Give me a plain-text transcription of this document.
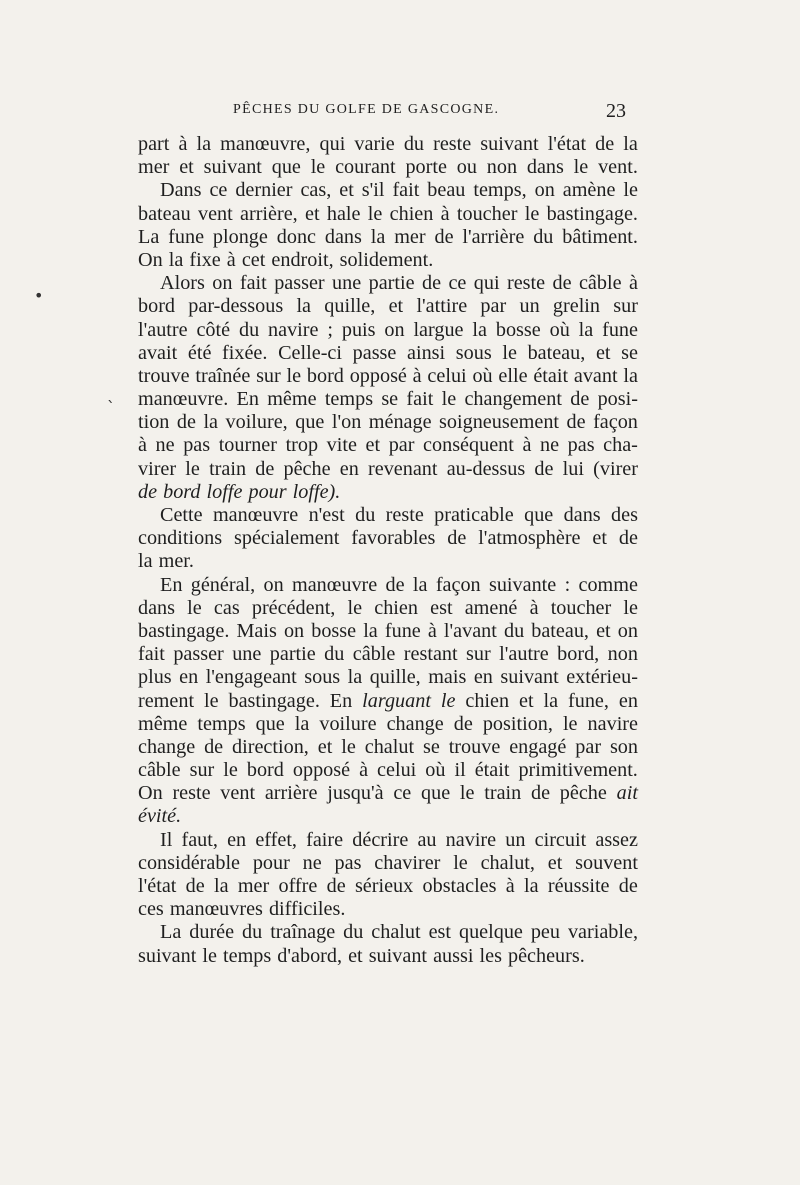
PÊCHES DU GOLFE DE GASCOGNE.	23
part à la manœuvre, qui varie du reste suivant l'état de la
mer et suivant que le courant porte ou non dans le vent.
Dans ce dernier cas, et s'il fait beau temps, on amène le
bateau vent arrière, et hale le chien à toucher le bastingage.
La fune plonge donc dans la mer de l'arrière du bâtiment.
On la fixe à cet endroit, solidement.
Alors on fait passer une partie de ce qui reste de câble à
bord par-dessous la quille, et l'attire par un grelin sur
l'autre côté du navire ; puis on largue la bosse où la fune
avait été fixée. Celle-ci passe ainsi sous le bateau, et se
trouve traînée sur le bord opposé à celui où elle était avant la
manœuvre. En même temps se fait le changement de posi-
tion de la voilure, que l'on ménage soigneusement de façon
à ne pas tourner trop vite et par conséquent à ne pas cha-
virer le train de pêche en revenant au-dessus de lui (virer
de bord loffe pour loffe).
Cette manœuvre n'est du reste praticable que dans des
conditions spécialement favorables de l'atmosphère et de
la mer.
En général, on manœuvre de la façon suivante : comme
dans le cas précédent, le chien est amené à toucher le
bastingage. Mais on bosse la fune à l'avant du bateau, et on
fait passer une partie du câble restant sur l'autre bord, non
plus en l'engageant sous la quille, mais en suivant extérieu-
rement le bastingage. En larguant le chien et la fune, en
même temps que la voilure change de position, le navire
change de direction, et le chalut se trouve engagé par son
câble sur le bord opposé à celui où il était primitivement.
On reste vent arrière jusqu'à ce que le train de pêche ait
évité.
Il faut, en effet, faire décrire au navire un circuit assez
considérable pour ne pas chavirer le chalut, et souvent
l'état de la mer offre de sérieux obstacles à la réussite de
ces manœuvres difficiles.
La durée du traînage du chalut est quelque peu variable,
suivant le temps d'abord, et suivant aussi les pêcheurs.
•
`
